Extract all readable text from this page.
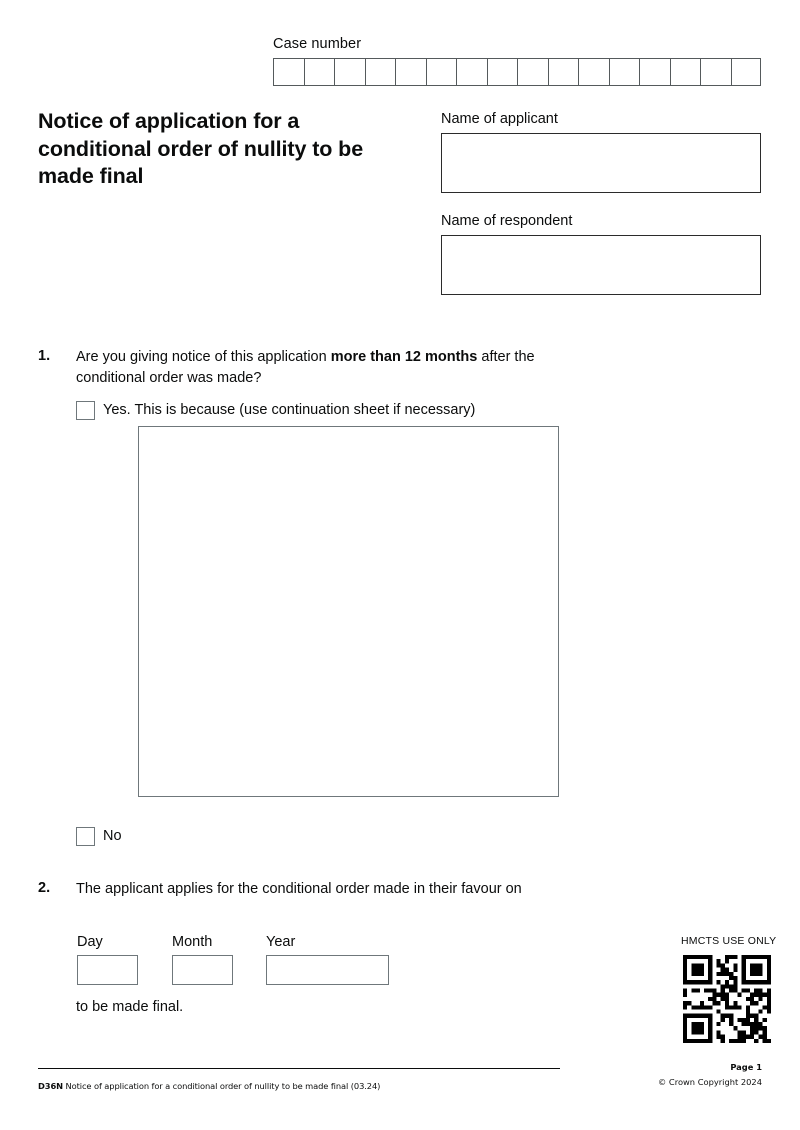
Case number
Notice of application for a conditional order of nullity to be made final
Name of applicant
Name of respondent
1. Are you giving notice of this application more than 12 months after the conditional order was made?
Yes. This is because (use continuation sheet if necessary)
No
2. The applicant applies for the conditional order made in their favour on
Day	Month	Year
to be made final.
HMCTS USE ONLY
D36N Notice of application for a conditional order of nullity to be made final (03.24)
Page 1
© Crown Copyright 2024
